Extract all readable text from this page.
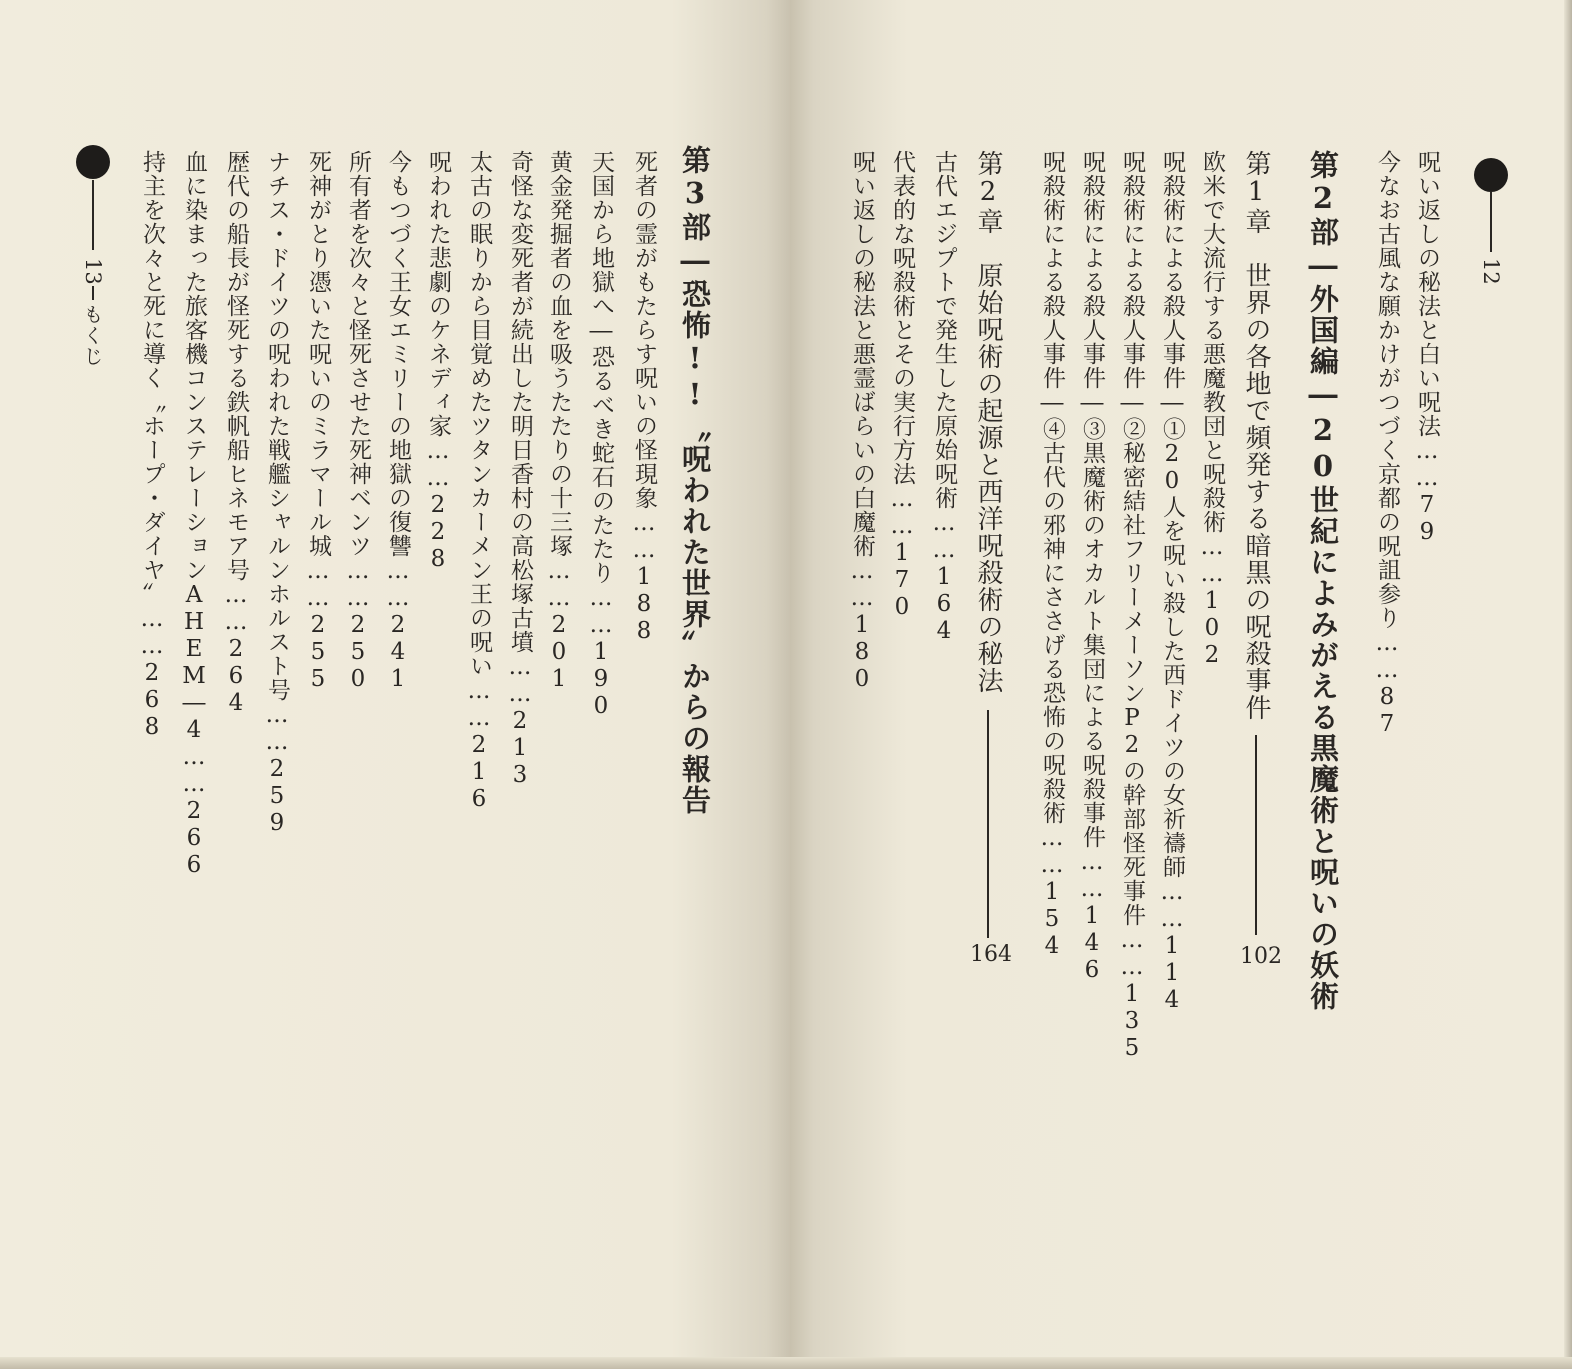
第3部―恐怖!!〝呪われた世界〟からの報告
死者の霊がもたらす呪いの怪現象……188
天国から地獄へ―恐るべき蛇石のたたり……190
黄金発掘者の血を吸うたたりの十三塚……201
奇怪な変死者が続出した明日香村の高松塚古墳……213
太古の眠りから目覚めたツタンカーメン王の呪い……216
呪われた悲劇のケネディ家……228
今もつづく王女エミリーの地獄の復讐……241
所有者を次々と怪死させた死神ベンツ……250
死神がとり憑いた呪いのミラマール城……255
ナチス・ドイツの呪われた戦艦シャルンホルスト号……259
歴代の船長が怪死する鉄帆船ヒネモア号……264
血に染まった旅客機コンステレーションAHEM―4……266
持主を次々と死に導く〝ホープ・ダイヤ〟……268
13
もくじ
12
呪い返しの秘法と白い呪法……79
今なお古風な願かけがつづく京都の呪詛参り……87
第2部―外国編―20世紀によみがえる黒魔術と呪いの妖術
第1章　世界の各地で頻発する暗黒の呪殺事件
102
欧米で大流行する悪魔教団と呪殺術……102
呪殺術による殺人事件―①20人を呪い殺した西ドイツの女祈禱師……114
呪殺術による殺人事件―②秘密結社フリーメーソンP2の幹部怪死事件……135
呪殺術による殺人事件―③黒魔術のオカルト集団による呪殺事件……146
呪殺術による殺人事件―④古代の邪神にささげる恐怖の呪殺術……154
第2章　原始呪術の起源と西洋呪殺術の秘法
164
古代エジプトで発生した原始呪術……164
代表的な呪殺術とその実行方法……170
呪い返しの秘法と悪霊ばらいの白魔術……180
